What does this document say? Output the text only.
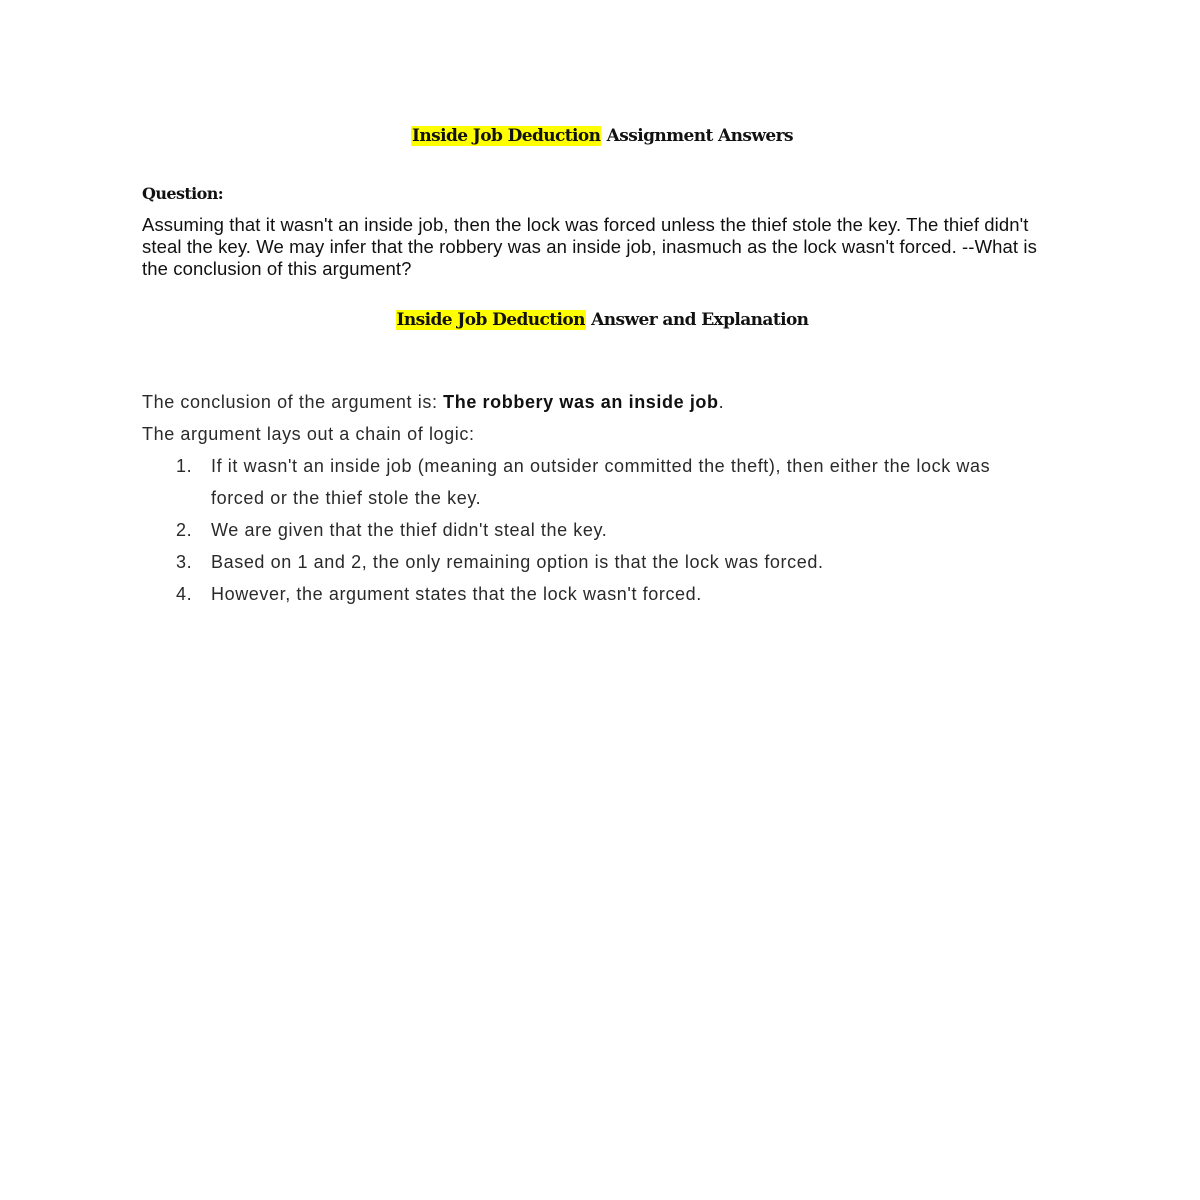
Inside Job Deduction Assignment Answers
Question:
Assuming that it wasn't an inside job, then the lock was forced unless the thief stole the key. The thief didn't steal the key. We may infer that the robbery was an inside job, inasmuch as the lock wasn't forced. --What is the conclusion of this argument?
Inside Job Deduction Answer and Explanation

The conclusion of the argument is: The robbery was an inside job.

The argument lays out a chain of logic:

1. If it wasn't an inside job (meaning an outsider committed the theft), then either the lock was forced or the thief stole the key.
2. We are given that the thief didn't steal the key.
3. Based on 1 and 2, the only remaining option is that the lock was forced.
4. However, the argument states that the lock wasn't forced.
